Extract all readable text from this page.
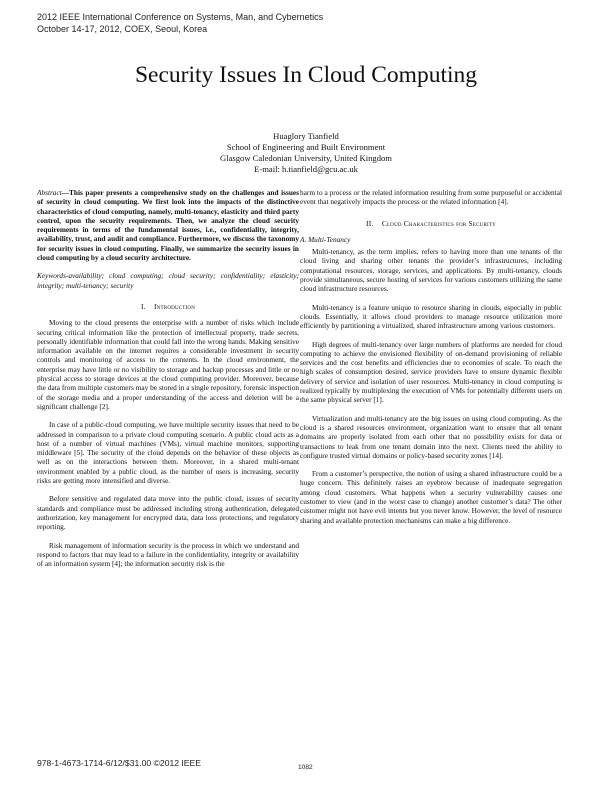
2012 IEEE International Conference on Systems, Man, and Cybernetics
October 14-17, 2012, COEX, Seoul, Korea
Security Issues In Cloud Computing
Huaglory Tianfield
School of Engineering and Built Environment
Glasgow Caledonian University, United Kingdom
E-mail: h.tianfield@gcu.ac.uk

Abstract—This paper presents a comprehensive study on the challenges and issues of security in cloud computing. We first look into the impacts of the distinctive characteristics of cloud computing, namely, multi-tenancy, elasticity and third party control, upon the security requirements. Then, we analyze the cloud security requirements in terms of the fundamental issues, i.e., confidentiality, integrity, availability, trust, and audit and compliance. Furthermore, we discuss the taxonomy for security issues in cloud computing. Finally, we summarize the security issues in cloud computing by a cloud security architecture.

Keywords-availability; cloud computing; cloud security; confidentiality; elasticity; integrity; multi-tenancy; security

I. Introduction

Moving to the cloud presents the enterprise with a number of risks which include securing critical information like the protection of intellectual property, trade secrets, personally identifiable information that could fall into the wrong hands. Making sensitive information available on the internet requires a considerable investment in security controls and monitoring of access to the contents. In the cloud environment, the enterprise may have little or no visibility to storage and backup processes and little or no physical access to storage devices at the cloud computing provider. Moreover, because the data from multiple customers may be stored in a single repository, forensic inspection of the storage media and a proper understanding of the access and deletion will be a significant challenge [2].

In case of a public-cloud computing, we have multiple security issues that need to be addressed in comparison to a private cloud computing scenario. A public cloud acts as a host of a number of virtual machines (VMs), virtual machine monitors, supporting middleware [5]. The security of the cloud depends on the behavior of these objects as well as on the interactions between them. Moreover, in a shared multi-tenant environment enabled by a public cloud, as the number of users is increasing, security risks are getting more intensified and diverse.

Before sensitive and regulated data move into the public cloud, issues of security standards and compliance must be addressed including strong authentication, delegated authorization, key management for encrypted data, data loss protections, and regulatory reporting.

Risk management of information security is the process in which we understand and respond to factors that may lead to a failure in the confidentiality, integrity or availability of an information system [4]; the information security risk is the

harm to a process or the related information resulting from some purposeful or accidental event that negatively impacts the process or the related information [4].

II. Cloud Characteristics for Security
A. Multi-Tenancy

Multi-tenancy, as the term implies, refers to having more than one tenants of the cloud living and sharing other tenants the provider’s infrastructures, including computational resources, storage, services, and applications. By multi-tenancy, clouds provide simultaneous, secure hosting of services for various customers utilizing the same cloud infrastructure resources.

Multi-tenancy is a feature unique to resource sharing in clouds, especially in public clouds. Essentially, it allows cloud providers to manage resource utilization more efficiently by partitioning a virtualized, shared infrastructure among various customers.

High degrees of multi-tenancy over large numbers of platforms are needed for cloud computing to achieve the envisioned flexibility of on-demand provisioning of reliable services and the cost benefits and efficiencies due to economies of scale. To reach the high scales of consumption desired, service providers have to ensure dynamic flexible delivery of service and isolation of user resources. Multi-tenancy in cloud computing is realized typically by multiplexing the execution of VMs for potentially different users on the same physical server [1].

Virtualization and multi-tenancy are the big issues on using cloud computing. As the cloud is a shared resources environment, organization want to ensure that all tenant domains are properly isolated from each other that no possibility exists for data or transactions to leak from one tenant domain into the next. Clients need the ability to configure trusted virtual domains or policy-based security zones [14].

From a customer’s perspective, the notion of using a shared infrastructure could be a huge concern. This definitely raises an eyebrow because of inadequate segregation among cloud customers. What happens when a security vulnerability causes one customer to view (and in the worst case to change) another customer’s data? The other customer might not have evil intents but you never know. However, the level of resource sharing and available protection mechanisms can make a big difference.

978-1-4673-1714-6/12/$31.00 ©2012 IEEE	1082
